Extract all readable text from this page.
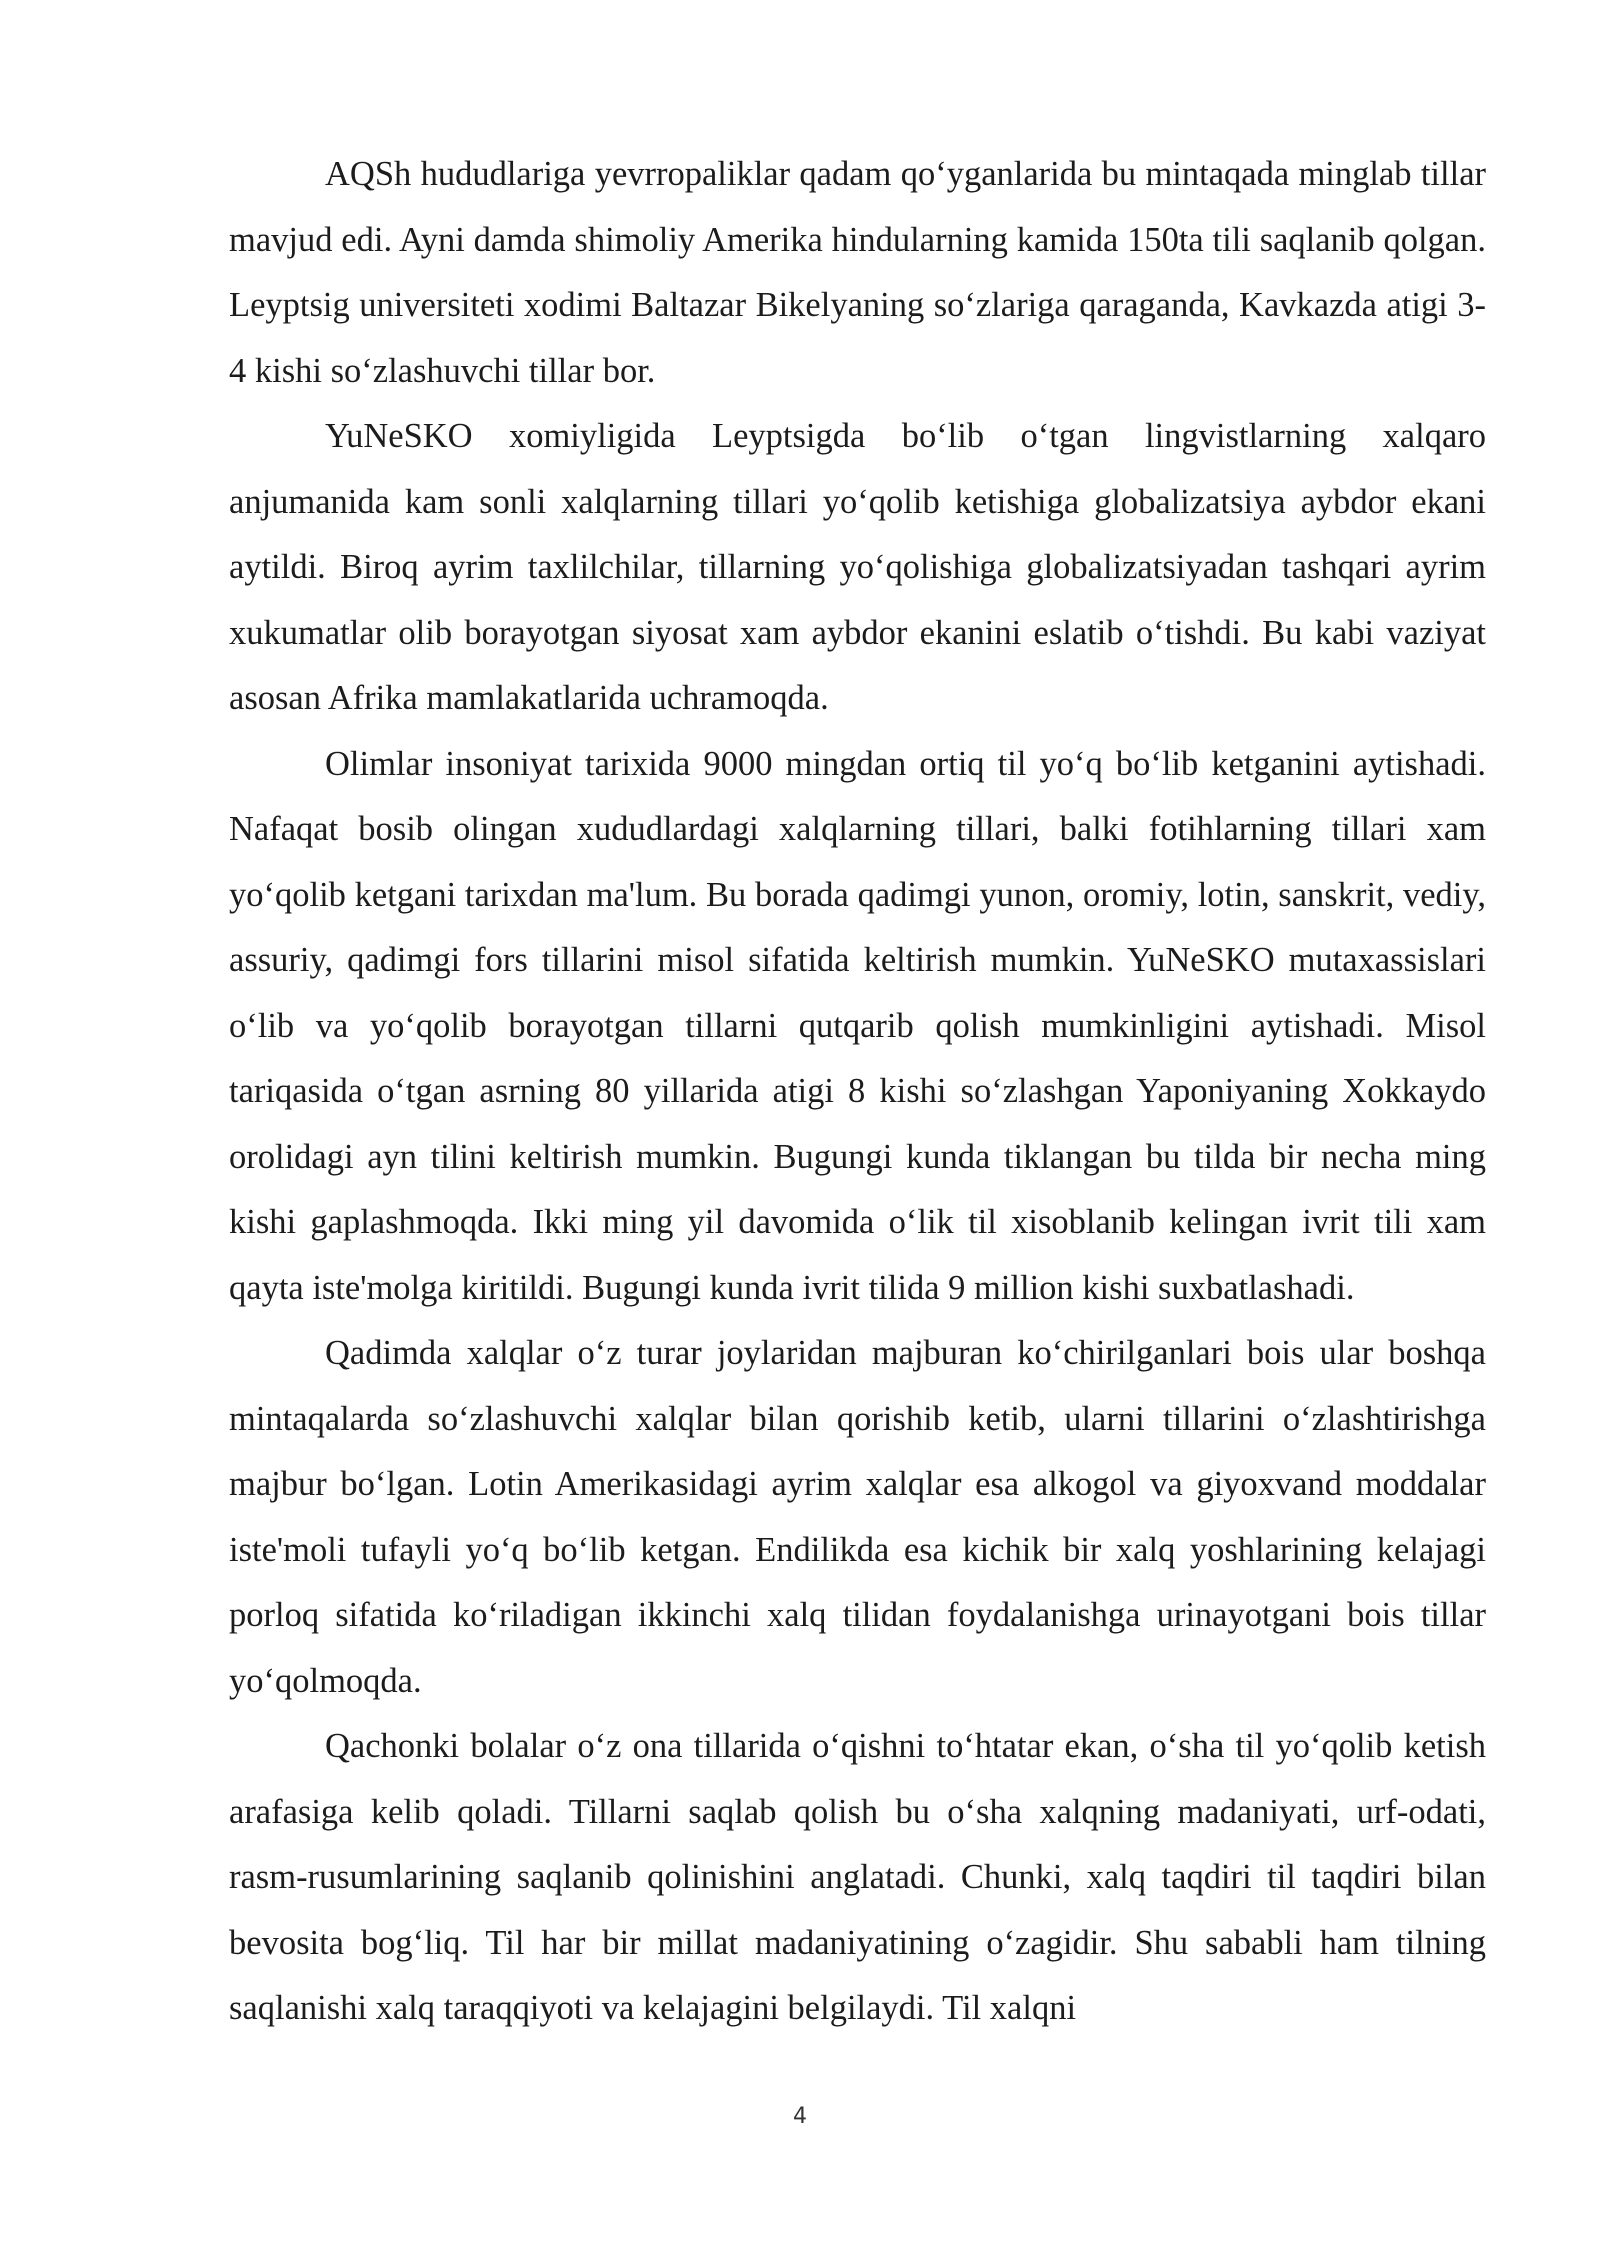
AQSh hududlariga yevrropaliklar qadam qo‘yganlarida bu mintaqada minglab tillar mavjud edi. Ayni damda shimoliy Amerika hindularning kamida 150ta tili saqlanib qolgan. Leyptsig universiteti xodimi Baltazar Bikelyaning so‘zlariga qaraganda, Kavkazda atigi 3-4 kishi so‘zlashuvchi tillar bor.

YuNeSKO xomiyligida Leyptsigda bo‘lib o‘tgan lingvistlarning xalqaro anjumanida kam sonli xalqlarning tillari yo‘qolib ketishiga globalizatsiya aybdor ekani aytildi. Biroq ayrim taxlilchilar, tillarning yo‘qolishiga globalizatsiyadan tashqari ayrim xukumatlar olib borayotgan siyosat xam aybdor ekanini eslatib o‘tishdi. Bu kabi vaziyat asosan Afrika mamlakatlarida uchramoqda.

Olimlar insoniyat tarixida 9000 mingdan ortiq til yo‘q bo‘lib ketganini aytishadi. Nafaqat bosib olingan xududlardagi xalqlarning tillari, balki fotihlarning tillari xam yo‘qolib ketgani tarixdan ma'lum. Bu borada qadimgi yunon, oromiy, lotin, sanskrit, vediy, assuriy, qadimgi fors tillarini misol sifatida keltirish mumkin. YuNeSKO mutaxassislari o‘lib va yo‘qolib borayotgan tillarni qutqarib qolish mumkinligini aytishadi. Misol tariqasida o‘tgan asrning 80 yillarida atigi 8 kishi so‘zlashgan Yaponiyaning Xokkaydo orolidagi ayn tilini keltirish mumkin. Bugungi kunda tiklangan bu tilda bir necha ming kishi gaplashmoqda. Ikki ming yil davomida o‘lik til xisoblanib kelingan ivrit tili xam qayta iste'molga kiritildi. Bugungi kunda ivrit tilida 9 million kishi suxbatlashadi.

Qadimda xalqlar o‘z turar joylaridan majburan ko‘chirilganlari bois ular boshqa mintaqalarda so‘zlashuvchi xalqlar bilan qorishib ketib, ularni tillarini o‘zlashtirishga majbur bo‘lgan. Lotin Amerikasidagi ayrim xalqlar esa alkogol va giyoxvand moddalar iste'moli tufayli yo‘q bo‘lib ketgan. Endilikda esa kichik bir xalq yoshlarining kelajagi porloq sifatida ko‘riladigan ikkinchi xalq tilidan foydalanishga urinayotgani bois tillar yo‘qolmoqda.

Qachonki bolalar o‘z ona tillarida o‘qishni to‘htatar ekan, o‘sha til yo‘qolib ketish arafasiga kelib qoladi. Tillarni saqlab qolish bu o‘sha xalqning madaniyati, urf-odati, rasm-rusumlarining saqlanib qolinishini anglatadi. Chunki, xalq taqdiri til taqdiri bilan bevosita bog‘liq. Til har bir millat madaniyatining o‘zagidir. Shu sababli ham tilning saqlanishi xalq taraqqiyoti va kelajagini belgilaydi. Til xalqni

4
